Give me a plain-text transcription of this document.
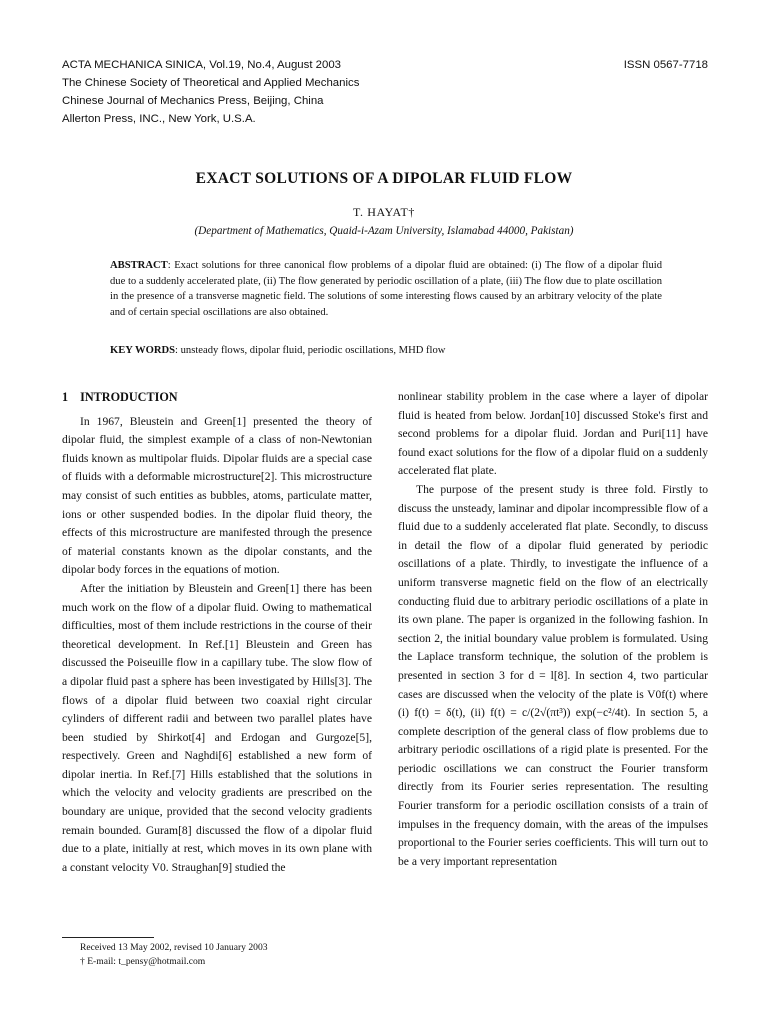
ACTA MECHANICA SINICA, Vol.19, No.4, August 2003
The Chinese Society of Theoretical and Applied Mechanics
Chinese Journal of Mechanics Press, Beijing, China
Allerton Press, INC., New York, U.S.A.
ISSN 0567-7718
EXACT SOLUTIONS OF A DIPOLAR FLUID FLOW
T. HAYAT†
(Department of Mathematics, Quaid-i-Azam University, Islamabad 44000, Pakistan)
ABSTRACT: Exact solutions for three canonical flow problems of a dipolar fluid are obtained: (i) The flow of a dipolar fluid due to a suddenly accelerated plate, (ii) The flow generated by periodic oscillation of a plate, (iii) The flow due to plate oscillation in the presence of a transverse magnetic field. The solutions of some interesting flows caused by an arbitrary velocity of the plate and of certain special oscillations are also obtained.
KEY WORDS: unsteady flows, dipolar fluid, periodic oscillations, MHD flow
1 INTRODUCTION

In 1967, Bleustein and Green[1] presented the theory of dipolar fluid, the simplest example of a class of non-Newtonian fluids known as multipolar fluids. Dipolar fluids are a special case of fluids with a deformable microstructure[2]. This microstructure may consist of such entities as bubbles, atoms, particulate matter, ions or other suspended bodies. In the dipolar fluid theory, the effects of this microstructure are manifested through the presence of material constants known as the dipolar constants, and the dipolar body forces in the equations of motion.

After the initiation by Bleustein and Green[1] there has been much work on the flow of a dipolar fluid. Owing to mathematical difficulties, most of them include restrictions in the course of their theoretical development. In Ref.[1] Bleustein and Green has discussed the Poiseuille flow in a capillary tube. The slow flow of a dipolar fluid past a sphere has been investigated by Hills[3]. The flows of a dipolar fluid between two coaxial right circular cylinders of different radii and between two parallel plates have been studied by Shirkot[4] and Erdogan and Gurgoze[5], respectively. Green and Naghdi[6] established a new form of dipolar inertia. In Ref.[7] Hills established that the solutions in which the velocity and velocity gradients are prescribed on the boundary are unique, provided that the second velocity gradients remain bounded. Guram[8] discussed the flow of a dipolar fluid due to a plate, initially at rest, which moves in its own plane with a constant velocity V0. Straughan[9] studied the

nonlinear stability problem in the case where a layer of dipolar fluid is heated from below. Jordan[10] discussed Stoke's first and second problems for a dipolar fluid. Jordan and Puri[11] have found exact solutions for the flow of a dipolar fluid on a suddenly accelerated flat plate.

The purpose of the present study is three fold. Firstly to discuss the unsteady, laminar and dipolar incompressible flow of a fluid due to a suddenly accelerated flat plate. Secondly, to discuss in detail the flow of a dipolar fluid generated by periodic oscillations of a plate. Thirdly, to investigate the influence of a uniform transverse magnetic field on the flow of an electrically conducting fluid due to arbitrary periodic oscillations of a plate in its own plane. The paper is organized in the following fashion. In section 2, the initial boundary value problem is formulated. Using the Laplace transform technique, the solution of the problem is presented in section 3 for d = l[8]. In section 4, two particular cases are discussed when the velocity of the plate is V0f(t) where (i) f(t) = δ(t), (ii) f(t) = c/(2√(πt³)) exp(−c²/4t). In section 5, a complete description of the general class of flow problems due to arbitrary periodic oscillations of a rigid plate is presented. For the periodic oscillations we can construct the Fourier transform directly from its Fourier series representation. The resulting Fourier transform for a periodic oscillation consists of a train of impulses in the frequency domain, with the areas of the impulses proportional to the Fourier series coefficients. This will turn out to be a very important representation

Received 13 May 2002, revised 10 January 2003
† E-mail: t_pensy@hotmail.com
